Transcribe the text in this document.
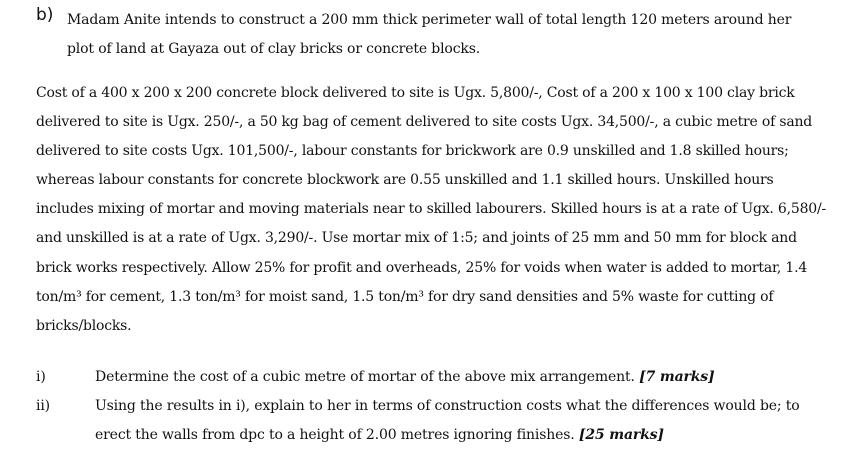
b) Madam Anite intends to construct a 200 mm thick perimeter wall of total length 120 meters around her plot of land at Gayaza out of clay bricks or concrete blocks.
Cost of a 400 x 200 x 200 concrete block delivered to site is Ugx. 5,800/-, Cost of a 200 x 100 x 100 clay brick delivered to site is Ugx. 250/-, a 50 kg bag of cement delivered to site costs Ugx. 34,500/-, a cubic metre of sand delivered to site costs Ugx. 101,500/-, labour constants for brickwork are 0.9 unskilled and 1.8 skilled hours; whereas labour constants for concrete blockwork are 0.55 unskilled and 1.1 skilled hours. Unskilled hours includes mixing of mortar and moving materials near to skilled labourers. Skilled hours is at a rate of Ugx. 6,580/- and unskilled is at a rate of Ugx. 3,290/-. Use mortar mix of 1:5; and joints of 25 mm and 50 mm for block and brick works respectively. Allow 25% for profit and overheads, 25% for voids when water is added to mortar, 1.4 ton/m³ for cement, 1.3 ton/m³ for moist sand, 1.5 ton/m³ for dry sand densities and 5% waste for cutting of bricks/blocks.
i)	Determine the cost of a cubic metre of mortar of the above mix arrangement. [7 marks]
ii)	Using the results in i), explain to her in terms of construction costs what the differences would be; to erect the walls from dpc to a height of 2.00 metres ignoring finishes. [25 marks]
